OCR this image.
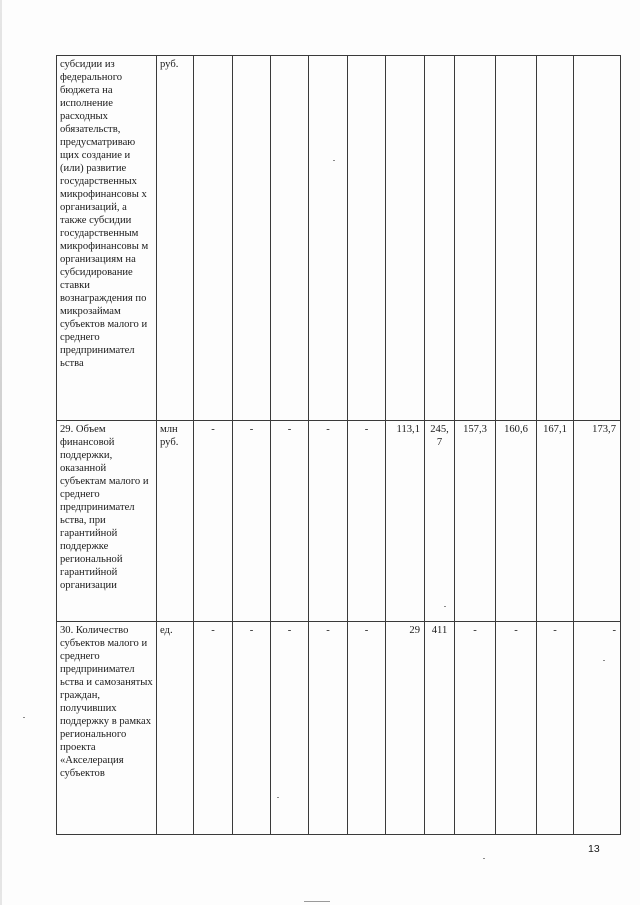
субсидии из федерального бюджета на исполнение расходных обязательств, предусматриваю щих создание и (или) развитие государственных микрофинансовы х организаций, а также субсидии государственным микрофинансовы м организациям на субсидирование ставки вознаграждения по микрозаймам субъектов малого и среднего предпринимател ьства	руб.											
29. Объем финансовой поддержки, оказанной субъектам малого и среднего предпринимател ьства, при гарантийной поддержке региональной гарантийной организации	млн руб.	-	-	-	-	-	113,1	245, 7	157,3	160,6	167,1	173,7
30. Количество субъектов малого и среднего предпринимател ьства и самозанятых граждан, получивших поддержку в рамках регионального проекта «Акселерация субъектов	ед.	-	-	-	-	-	29	411	-	-	-	-
13
